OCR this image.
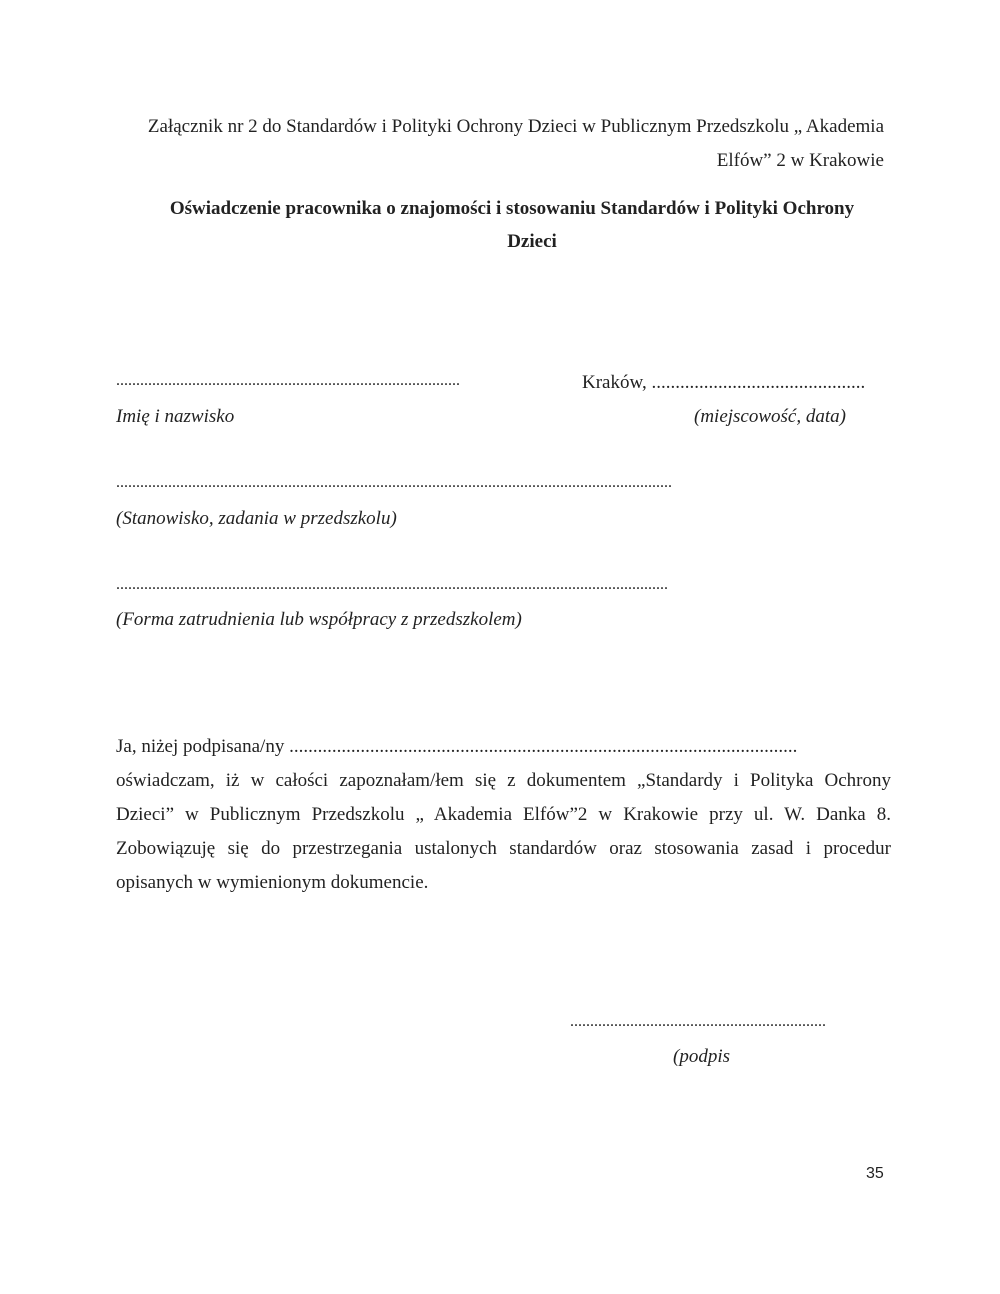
Załącznik nr 2 do Standardów i Polityki Ochrony Dzieci w Publicznym Przedszkolu „ Akademia
Elfów” 2 w Krakowie
Oświadczenie pracownika o znajomości i stosowaniu Standardów i Polityki Ochrony
Dzieci
......................................................................................	Kraków, .............................................
Imię i nazwisko	(miejscowość, data)
...........................................................................................................................................
(Stanowisko, zadania w przedszkolu)
..........................................................................................................................................
(Forma zatrudnienia lub współpracy z przedszkolem)
Ja, niżej podpisana/ny ...........................................................................................................
oświadczam, iż w całości zapoznałam/łem się z dokumentem „Standardy i Polityka Ochrony
Dzieci” w Publicznym Przedszkolu „ Akademia Elfów”2 w Krakowie przy ul. W. Danka 8.
Zobowiązuję się do przestrzegania ustalonych standardów oraz stosowania zasad i procedur
opisanych w wymienionym dokumencie.
................................................................
(podpis
35
